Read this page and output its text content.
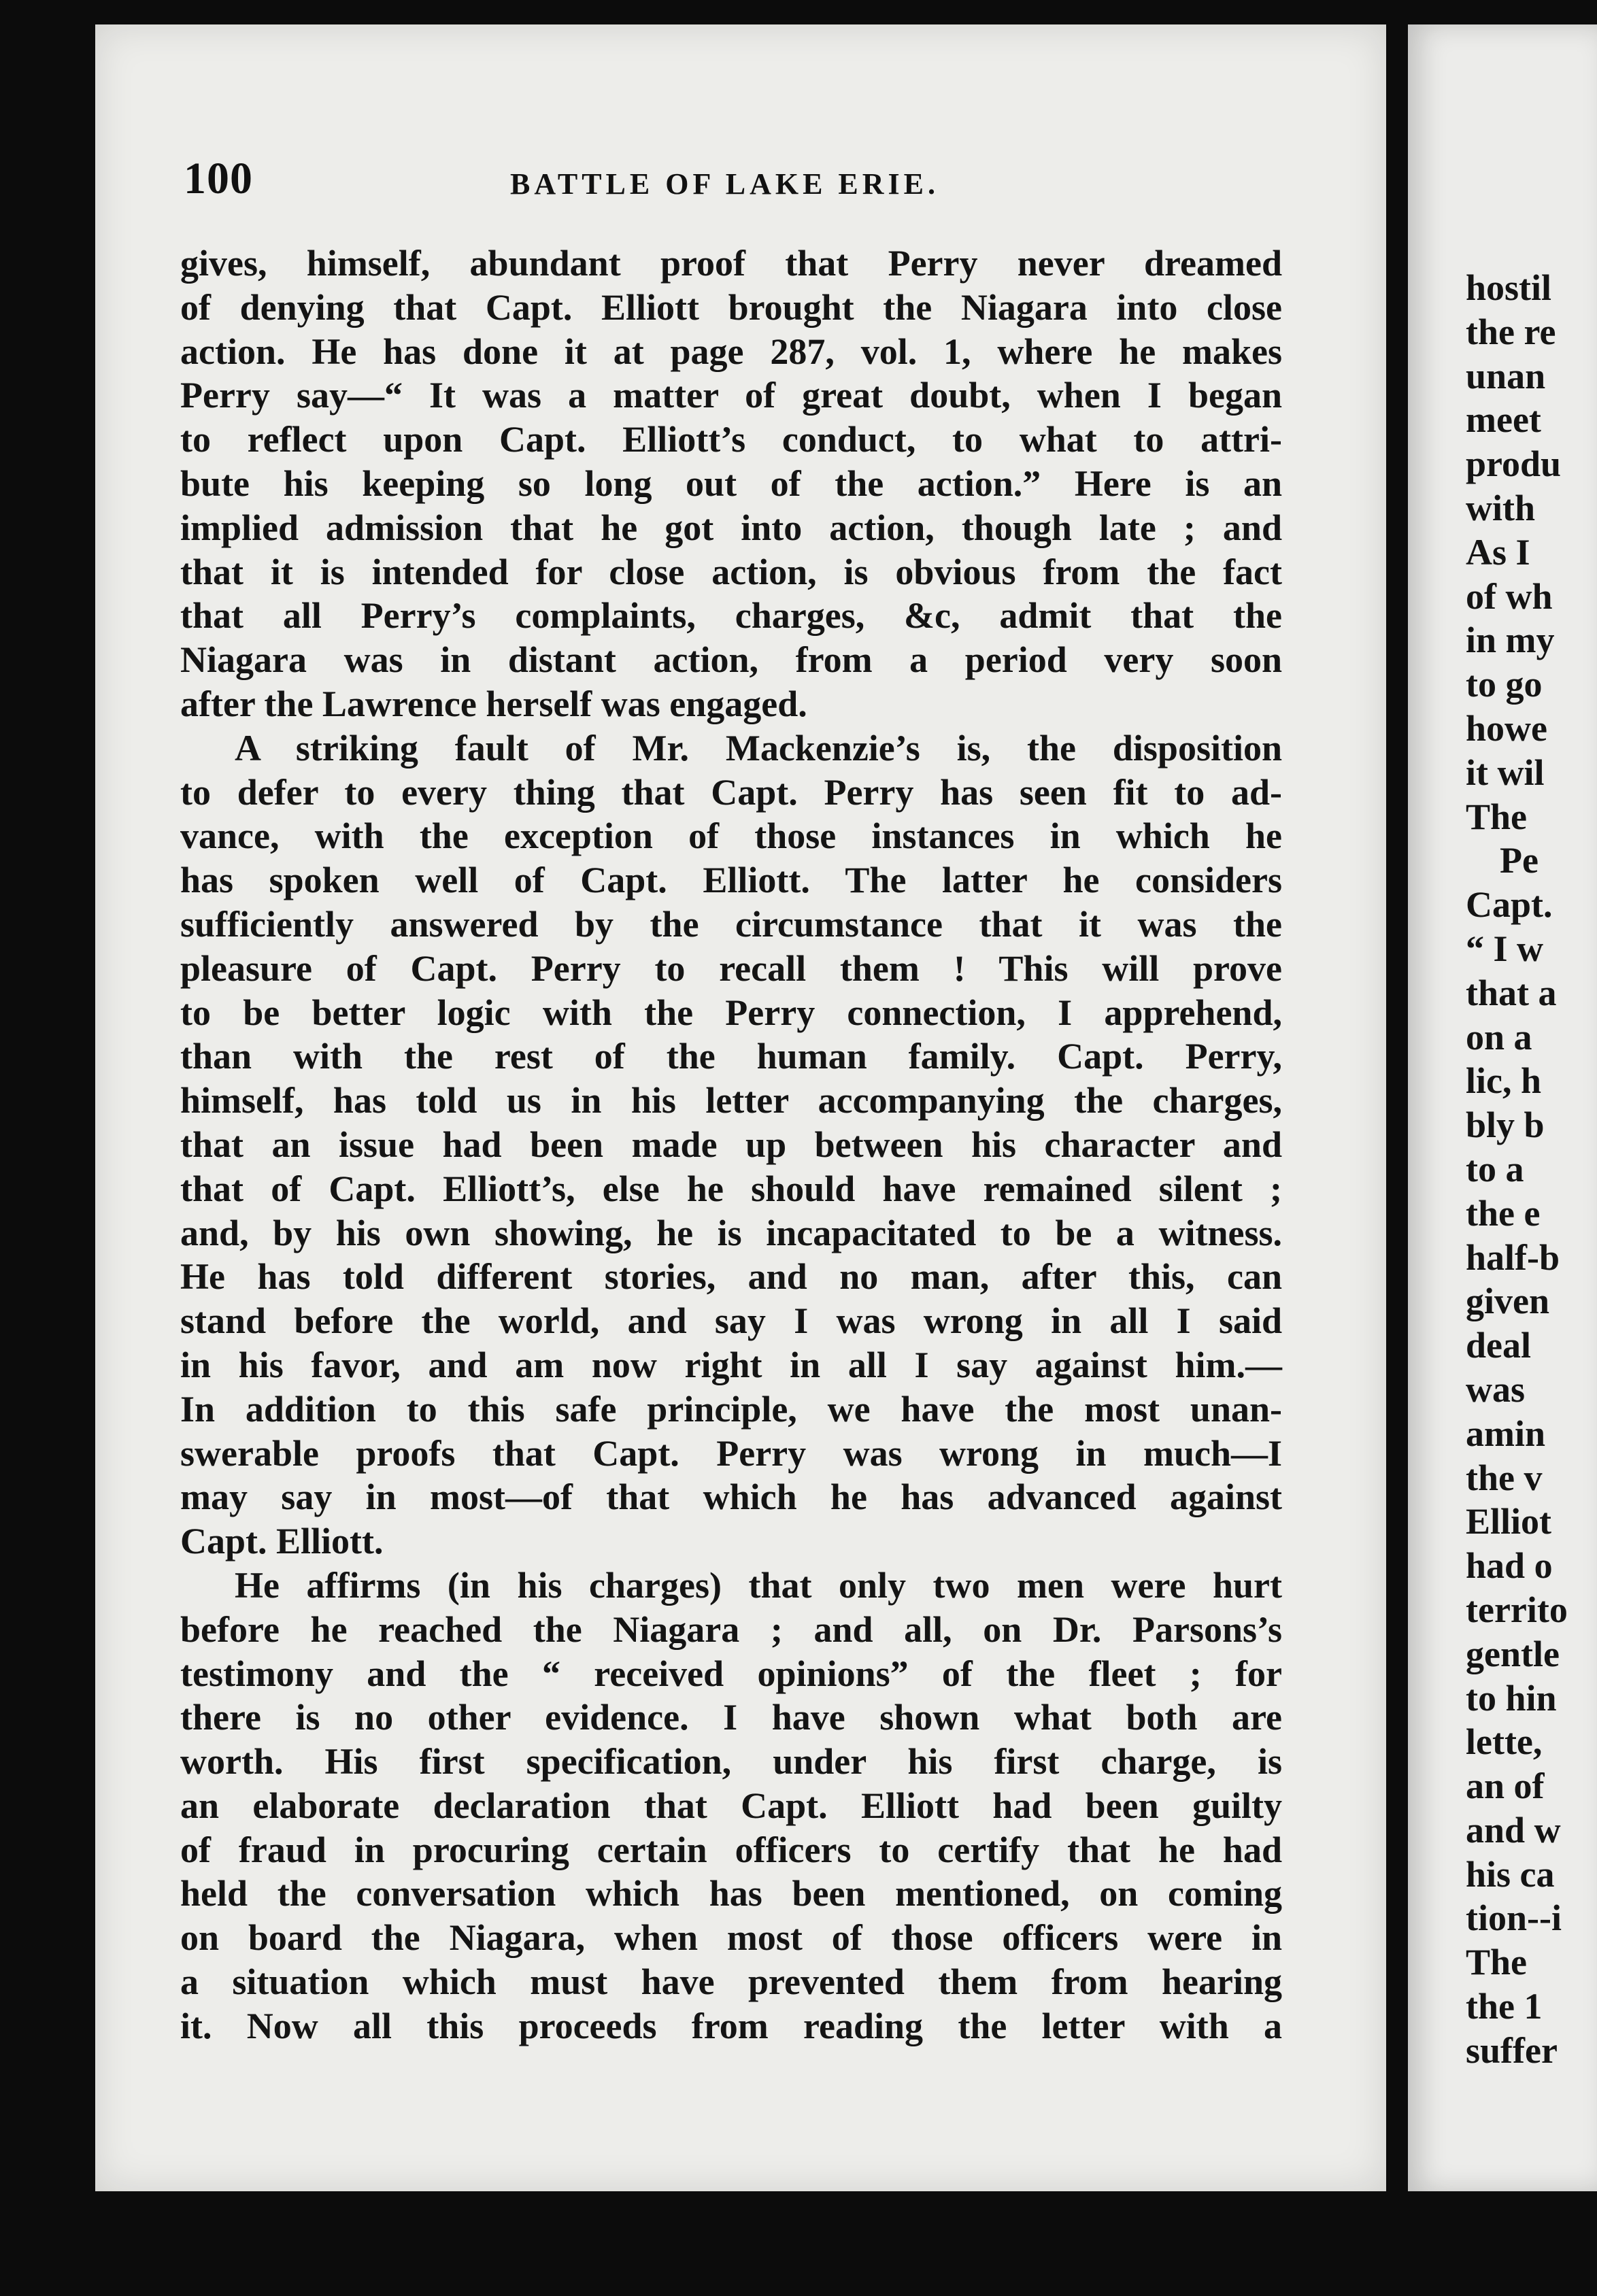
hostil
the re
unan
meet
produ
with
As I
of wh
in my
to go
howe
it wil
The
Pe
Capt.
“ I w
that a
on a
lic, h
bly b
to a
the e
half-b
given
deal
was
amin
the v
Elliot
had o
territo
gentle
to hin
lette,
an of
and w
his ca
tion--i
The
the 1
suffer
100	BATTLE OF LAKE ERIE.
gives, himself, abundant proof that Perry never dreamed
of denying that Capt. Elliott brought the Niagara into close
action. He has done it at page 287, vol. 1, where he makes
Perry say—“ It was a matter of great doubt, when I began
to reflect upon Capt. Elliott’s conduct, to what to attri-
bute his keeping so long out of the action.” Here is an
implied admission that he got into action, though late ; and
that it is intended for close action, is obvious from the fact
that all Perry’s complaints, charges, &c, admit that the
Niagara was in distant action, from a period very soon
after the Lawrence herself was engaged.
A striking fault of Mr. Mackenzie’s is, the disposition
to defer to every thing that Capt. Perry has seen fit to ad-
vance, with the exception of those instances in which he
has spoken well of Capt. Elliott. The latter he considers
sufficiently answered by the circumstance that it was the
pleasure of Capt. Perry to recall them ! This will prove
to be better logic with the Perry connection, I apprehend,
than with the rest of the human family. Capt. Perry,
himself, has told us in his letter accompanying the charges,
that an issue had been made up between his character and
that of Capt. Elliott’s, else he should have remained silent ;
and, by his own showing, he is incapacitated to be a witness.
He has told different stories, and no man, after this, can
stand before the world, and say I was wrong in all I said
in his favor, and am now right in all I say against him.—
In addition to this safe principle, we have the most unan-
swerable proofs that Capt. Perry was wrong in much—I
may say in most—of that which he has advanced against
Capt. Elliott.
He affirms (in his charges) that only two men were hurt
before he reached the Niagara ; and all, on Dr. Parsons’s
testimony and the “ received opinions” of the fleet ; for
there is no other evidence. I have shown what both are
worth. His first specification, under his first charge, is
an elaborate declaration that Capt. Elliott had been guilty
of fraud in procuring certain officers to certify that he had
held the conversation which has been mentioned, on coming
on board the Niagara, when most of those officers were in
a situation which must have prevented them from hearing
it. Now all this proceeds from reading the letter with a
